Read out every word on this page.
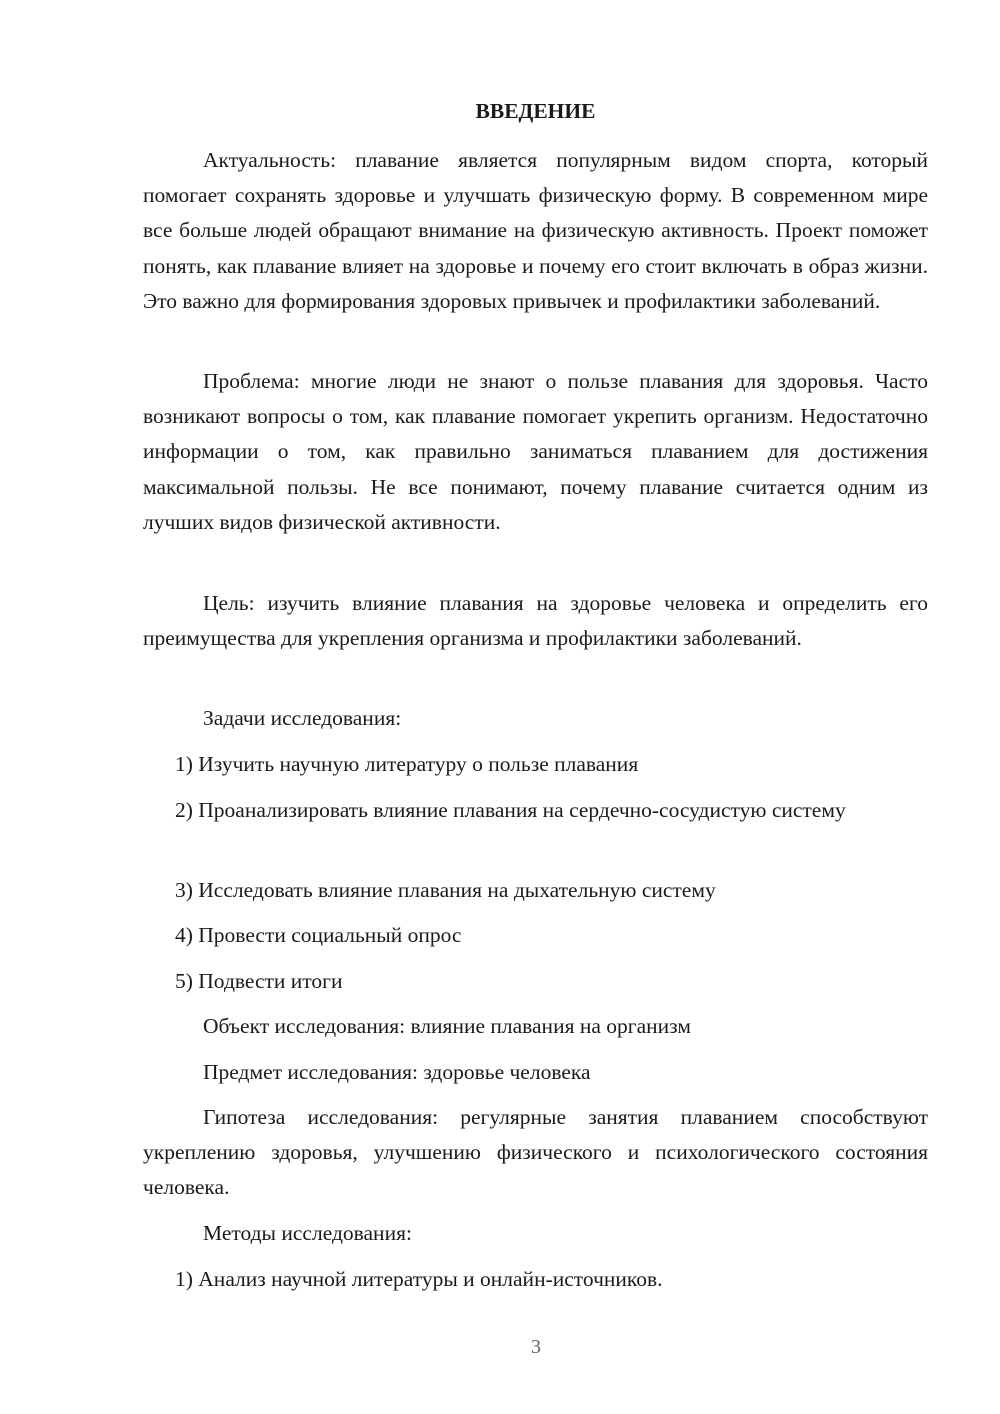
ВВЕДЕНИЕ

Актуальность: плавание является популярным видом спорта, который помогает сохранять здоровье и улучшать физическую форму. В современном мире все больше людей обращают внимание на физическую активность. Проект поможет понять, как плавание влияет на здоровье и почему его стоит включать в образ жизни. Это важно для формирования здоровых привычек и профилактики заболеваний.

Проблема: многие люди не знают о пользе плавания для здоровья. Часто возникают вопросы о том, как плавание помогает укрепить организм. Недостаточно информации о том, как правильно заниматься плаванием для достижения максимальной пользы. Не все понимают, почему плавание считается одним из лучших видов физической активности.

Цель: изучить влияние плавания на здоровье человека и определить его преимущества для укрепления организма и профилактики заболеваний.

Задачи исследования:

1) Изучить научную литературу о пользе плавания

2) Проанализировать влияние плавания на сердечно-сосудистую систему

3) Исследовать влияние плавания на дыхательную систему

4) Провести социальный опрос

5) Подвести итоги

Объект исследования: влияние плавания на организм

Предмет исследования: здоровье человека

Гипотеза исследования: регулярные занятия плаванием способствуют укреплению здоровья, улучшению физического и психологического состояния человека.

Методы исследования:

1) Анализ научной литературы и онлайн-источников.

3
